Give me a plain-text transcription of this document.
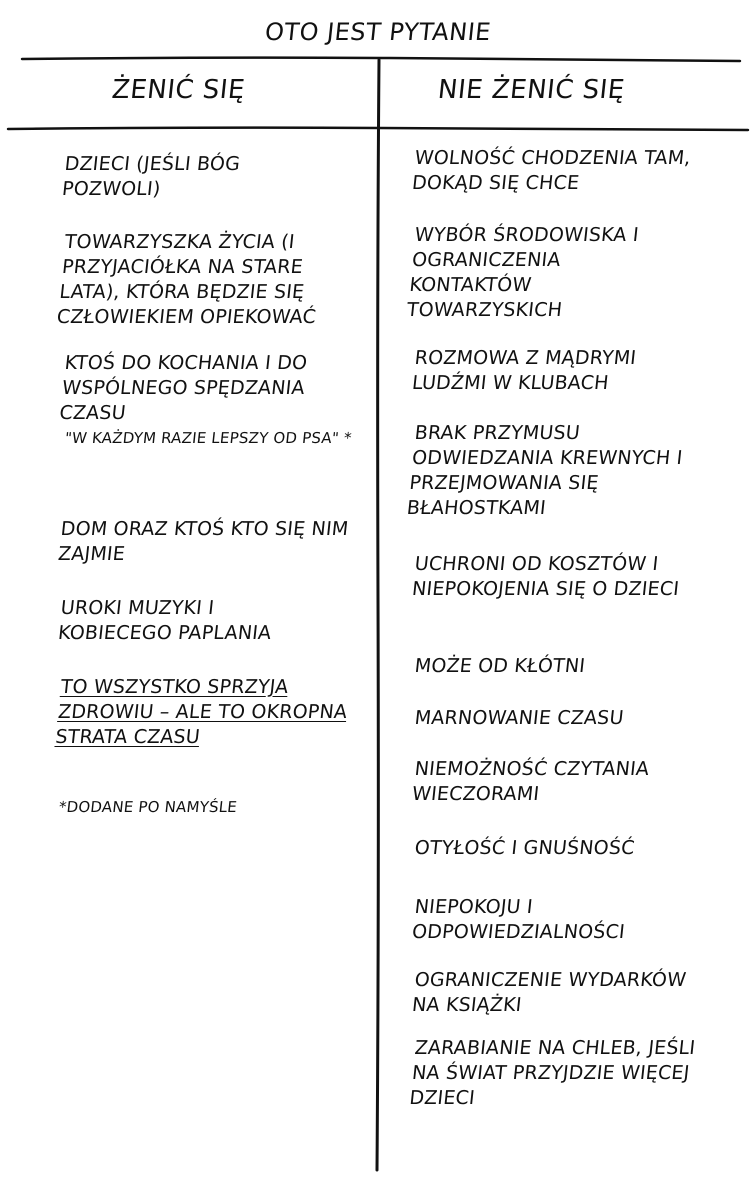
OTO JEST PYTANIE
ŻENIĆ SIĘ	NIE ŻENIĆ SIĘ
DZIECI (JEŚLI BÓG POZWOLI)
TOWARZYSZKA ŻYCIA (I PRZYJACIÓŁKA NA STARE LATA), KTÓRA BĘDZIE SIĘ CZŁOWIEKIEM OPIEKOWAĆ
KTOŚ DO KOCHANIA I DO WSPÓLNEGO SPĘDZANIA CZASU
"W KAŻDYM RAZIE LEPSZY OD PSA" *
DOM ORAZ KTOŚ KTO SIĘ NIM ZAJMIE
UROKI MUZYKI I KOBIECEGO PAPLANIA
TO WSZYSTKO SPRZYJA ZDROWIU – ALE TO OKROPNA STRATA CZASU
*DODANE PO NAMYŚLE
WOLNOŚĆ CHODZENIA TAM, DOKĄD SIĘ CHCE
WYBÓR ŚRODOWISKA I OGRANICZENIA KONTAKTÓW TOWARZYSKICH
ROZMOWA Z MĄDRYMI LUDŹMI W KLUBACH
BRAK PRZYMUSU ODWIEDZANIA KREWNYCH I PRZEJMOWANIA SIĘ BŁAHOSTKAMI
UCHRONI OD KOSZTÓW I NIEPOKOJENIA SIĘ O DZIECI
MOŻE OD KŁÓTNI
MARNOWANIE CZASU
NIEMOŻNOŚĆ CZYTANIA WIECZORAMI
OTYŁOŚĆ I GNUŚNOŚĆ
NIEPOKOJU I ODPOWIEDZIALNOŚCI
OGRANICZENIE WYDARKÓW NA KSIĄŻKI
ZARABIANIE NA CHLEB, JEŚLI NA ŚWIAT PRZYJDZIE WIĘCEJ DZIECI
